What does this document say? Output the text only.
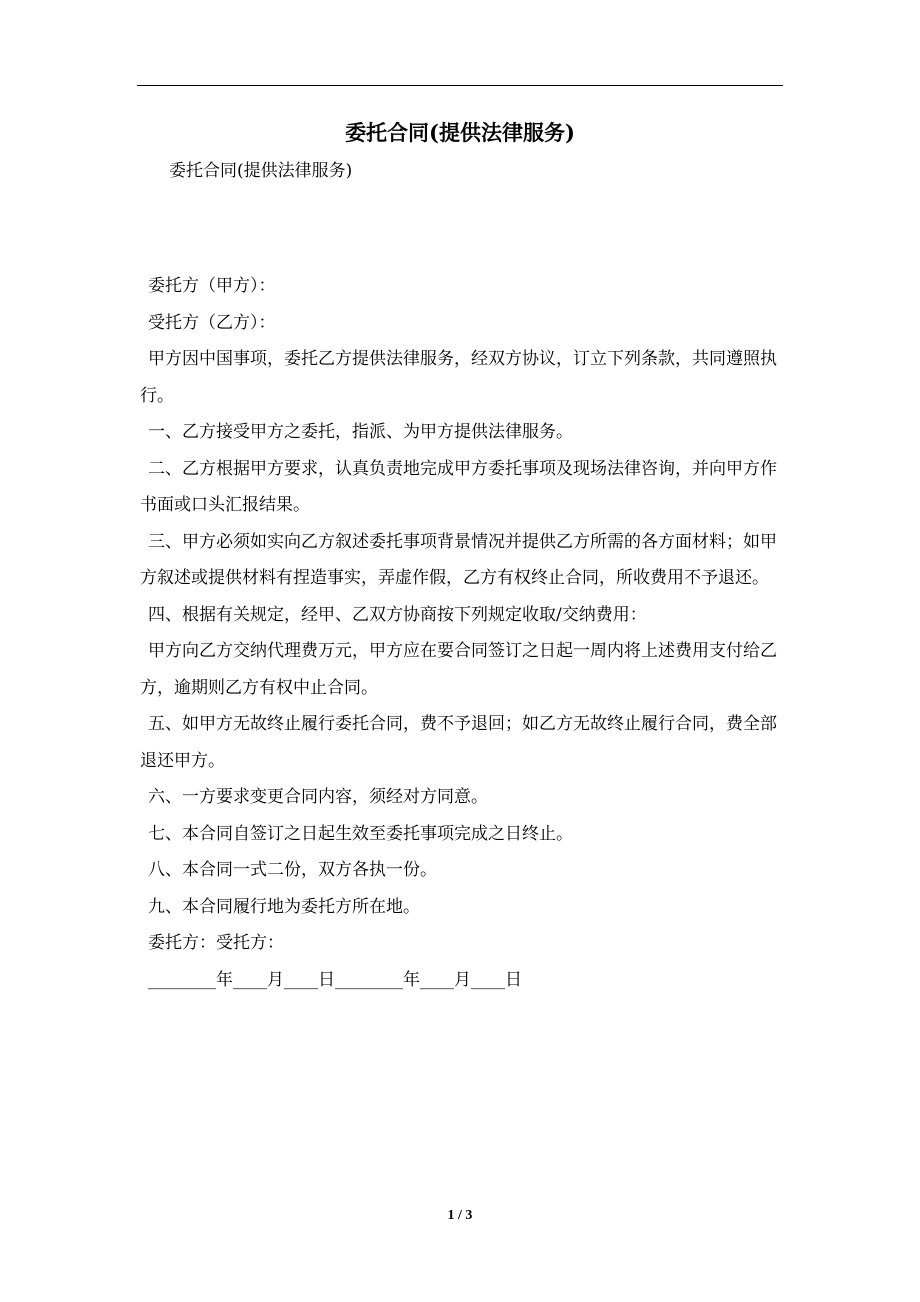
委托合同(提供法律服务)
委托合同(提供法律服务)

委托方（甲方）：

受托方（乙方）：

甲方因中国事项，委托乙方提供法律服务，经双方协议，订立下列条款，共同遵照执行。

一、乙方接受甲方之委托，指派、为甲方提供法律服务。

二、乙方根据甲方要求，认真负责地完成甲方委托事项及现场法律咨询，并向甲方作书面或口头汇报结果。

三、甲方必须如实向乙方叙述委托事项背景情况并提供乙方所需的各方面材料；如甲方叙述或提供材料有捏造事实，弄虚作假，乙方有权终止合同，所收费用不予退还。

四、根据有关规定，经甲、乙双方协商按下列规定收取/交纳费用：

甲方向乙方交纳代理费万元，甲方应在要合同签订之日起一周内将上述费用支付给乙方，逾期则乙方有权中止合同。

五、如甲方无故终止履行委托合同，费不予退回；如乙方无故终止履行合同，费全部退还甲方。

六、一方要求变更合同内容，须经对方同意。

七、本合同自签订之日起生效至委托事项完成之日终止。

八、本合同一式二份，双方各执一份。

九、本合同履行地为委托方所在地。

委托方：受托方：

________年____月____日________年____月____日

1 / 3
